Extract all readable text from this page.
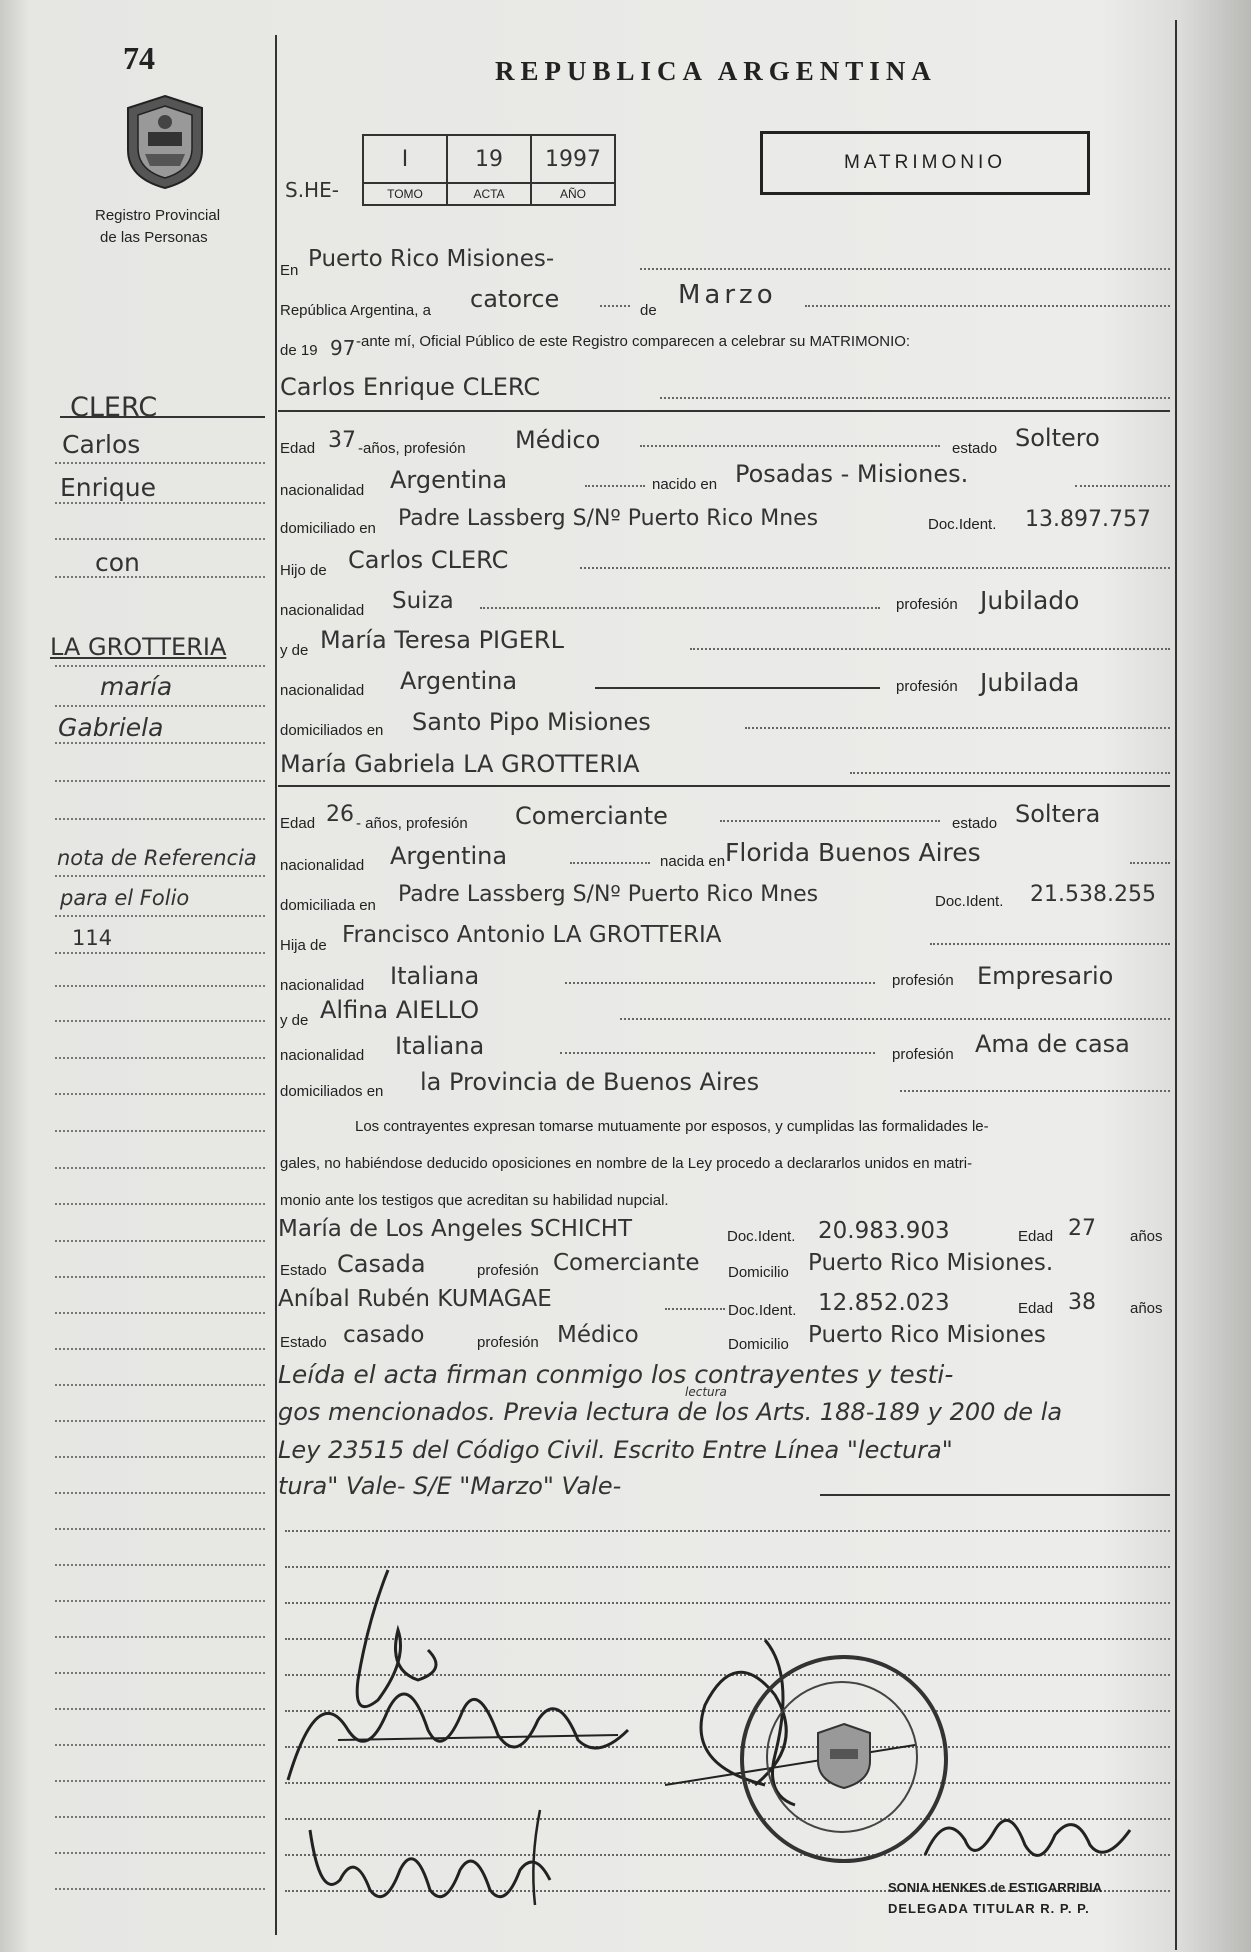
74
Registro Provincial
de las Personas
REPUBLICA ARGENTINA
MATRIMONIO
S.HE-
I	19	1997
TOMO	ACTA	AÑO
CLERC
Carlos
Enrique
con
LA GROTTERIA
maría
Gabriela
nota de Referencia
para el Folio
114
En Puerto Rico Misiones-
República Argentina, a catorce	de
Marzo
de 19 97 -ante mí, Oficial Público de este Registro comparecen a celebrar su MATRIMONIO:
Carlos Enrique CLERC
Edad 37 -años, profesión Médico	estado Soltero
nacionalidad Argentina	nacido en Posadas - Misiones.
domiciliado en Padre Lassberg S/Nº Puerto Rico Mnes	Doc.Ident. 13.897.757
Hijo de Carlos CLERC
nacionalidad Suiza	profesión Jubilado
y de María Teresa PIGERL
nacionalidad Argentina	profesión Jubilada
domiciliados en Santo Pipo Misiones
María Gabriela LA GROTTERIA
Edad 26 - años, profesión Comerciante	estado Soltera
nacionalidad Argentina	nacida en Florida Buenos Aires
domiciliada en Padre Lassberg S/Nº Puerto Rico Mnes	Doc.Ident. 21.538.255
Hija de Francisco Antonio LA GROTTERIA
nacionalidad Italiana	profesión Empresario
y de Alfina AIELLO
nacionalidad Italiana	profesión Ama de casa
domiciliados en la Provincia de Buenos Aires
Los contrayentes expresan tomarse mutuamente por esposos, y cumplidas las formalidades le-
gales, no habiéndose deducido oposiciones en nombre de la Ley procedo a declararlos unidos en matri-
monio ante los testigos que acreditan su habilidad nupcial.
María de Los Angeles SCHICHT	Doc.Ident. 20.983.903	Edad 27 años
Estado Casada	profesión Comerciante Domicilio Puerto Rico Misiones.
Aníbal Rubén KUMAGAE	Doc.Ident. 12.852.023	Edad 38 años
Estado casado	profesión Médico	Domicilio Puerto Rico Misiones
Leída el acta firman conmigo los contrayentes y testi-
lectura
gos mencionados. Previa lectura de los Arts. 188-189 y 200 de la
Ley 23515 del Código Civil. Escrito Entre Línea "lectura"
tura" Vale- S/E "Marzo" Vale-
SONIA HENKES de ESTIGARRIBIA
DELEGADA TITULAR R. P. P.
